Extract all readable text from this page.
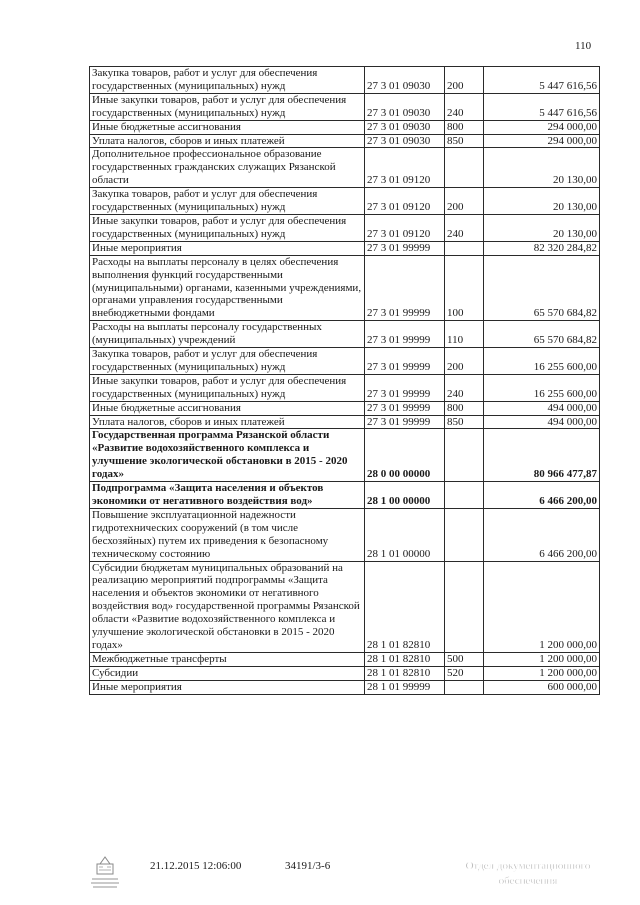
110
Закупка товаров, работ и услуг для обеспечения государственных (муниципальных) нужд	27 3 01 09030	200	5 447 616,56
Иные закупки товаров, работ и услуг для обеспечения государственных (муниципальных) нужд	27 3 01 09030	240	5 447 616,56
Иные бюджетные ассигнования	27 3 01 09030	800	294 000,00
Уплата налогов, сборов и иных платежей	27 3 01 09030	850	294 000,00
Дополнительное профессиональное образование государственных гражданских служащих Рязанской области	27 3 01 09120		20 130,00
Закупка товаров, работ и услуг для обеспечения государственных (муниципальных) нужд	27 3 01 09120	200	20 130,00
Иные закупки товаров, работ и услуг для обеспечения государственных (муниципальных) нужд	27 3 01 09120	240	20 130,00
Иные мероприятия	27 3 01 99999		82 320 284,82
Расходы на выплаты персоналу в целях обеспечения выполнения функций государственными (муниципальными) органами, казенными учреждениями, органами управления государственными внебюджетными фондами	27 3 01 99999	100	65 570 684,82
Расходы на выплаты персоналу государственных (муниципальных) учреждений	27 3 01 99999	110	65 570 684,82
Закупка товаров, работ и услуг для обеспечения государственных (муниципальных) нужд	27 3 01 99999	200	16 255 600,00
Иные закупки товаров, работ и услуг для обеспечения государственных (муниципальных) нужд	27 3 01 99999	240	16 255 600,00
Иные бюджетные ассигнования	27 3 01 99999	800	494 000,00
Уплата налогов, сборов и иных платежей	27 3 01 99999	850	494 000,00
Государственная программа Рязанской области «Развитие водохозяйственного комплекса и улучшение экологической обстановки в 2015 - 2020 годах»	28 0 00 00000		80 966 477,87
Подпрограмма «Защита населения и объектов экономики от негативного воздействия вод»	28 1 00 00000		6 466 200,00
Повышение эксплуатационной надежности гидротехнических сооружений (в том числе бесхозяйных) путем их приведения к безопасному техническому состоянию	28 1 01 00000		6 466 200,00
Субсидии бюджетам муниципальных образований на реализацию мероприятий подпрограммы «Защита населения и объектов экономики от негативного воздействия вод» государственной программы Рязанской области «Развитие водохозяйственного комплекса и улучшение экологической обстановки в 2015 - 2020 годах»	28 1 01 82810		1 200 000,00
Межбюджетные трансферты	28 1 01 82810	500	1 200 000,00
Субсидии	28 1 01 82810	520	1 200 000,00
Иные мероприятия	28 1 01 99999		600 000,00
21.12.2015 12:06:00	34191/3-6	Отдел документационного
обеспечения
